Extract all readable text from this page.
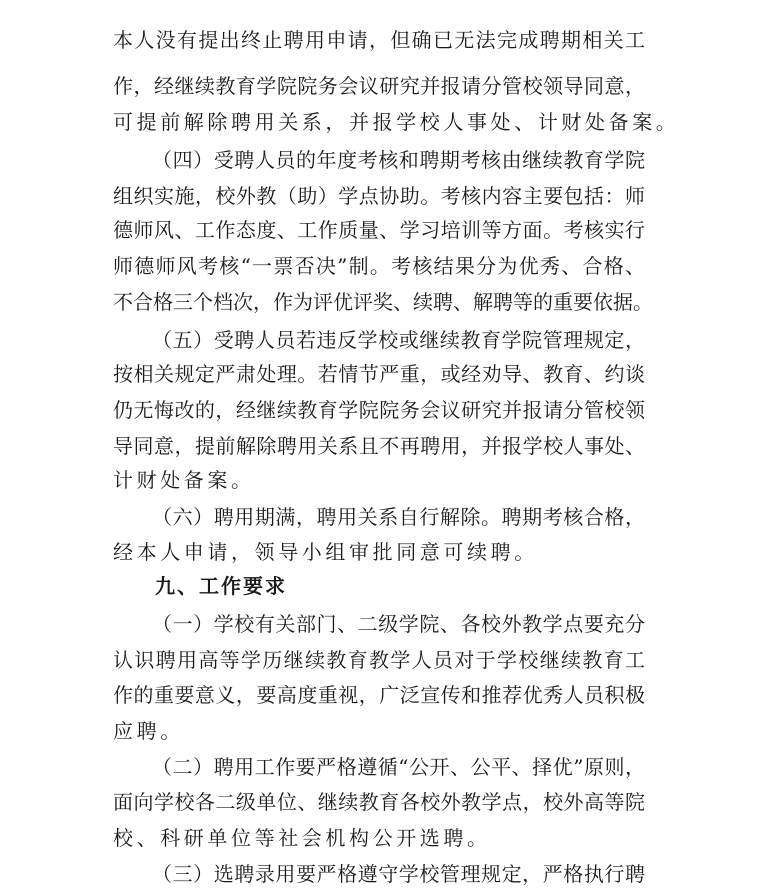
本人没有提出终止聘用申请，但确已无法完成聘期相关工
作，经继续教育学院院务会议研究并报请分管校领导同意，
可提前解除聘用关系，并报学校人事处、计财处备案。
（四）受聘人员的年度考核和聘期考核由继续教育学院
组织实施，校外教（助）学点协助。考核内容主要包括：师
德师风、工作态度、工作质量、学习培训等方面。考核实行
师德师风考核“一票否决”制。考核结果分为优秀、合格、
不合格三个档次，作为评优评奖、续聘、解聘等的重要依据。
（五）受聘人员若违反学校或继续教育学院管理规定，
按相关规定严肃处理。若情节严重，或经劝导、教育、约谈
仍无悔改的，经继续教育学院院务会议研究并报请分管校领
导同意，提前解除聘用关系且不再聘用，并报学校人事处、
计财处备案。
（六）聘用期满，聘用关系自行解除。聘期考核合格，
经本人申请，领导小组审批同意可续聘。
九、工作要求
（一）学校有关部门、二级学院、各校外教学点要充分
认识聘用高等学历继续教育教学人员对于学校继续教育工
作的重要意义，要高度重视，广泛宣传和推荐优秀人员积极
应聘。
（二）聘用工作要严格遵循“公开、公平、择优”原则，
面向学校各二级单位、继续教育各校外教学点，校外高等院
校、科研单位等社会机构公开选聘。
（三）选聘录用要严格遵守学校管理规定，严格执行聘
